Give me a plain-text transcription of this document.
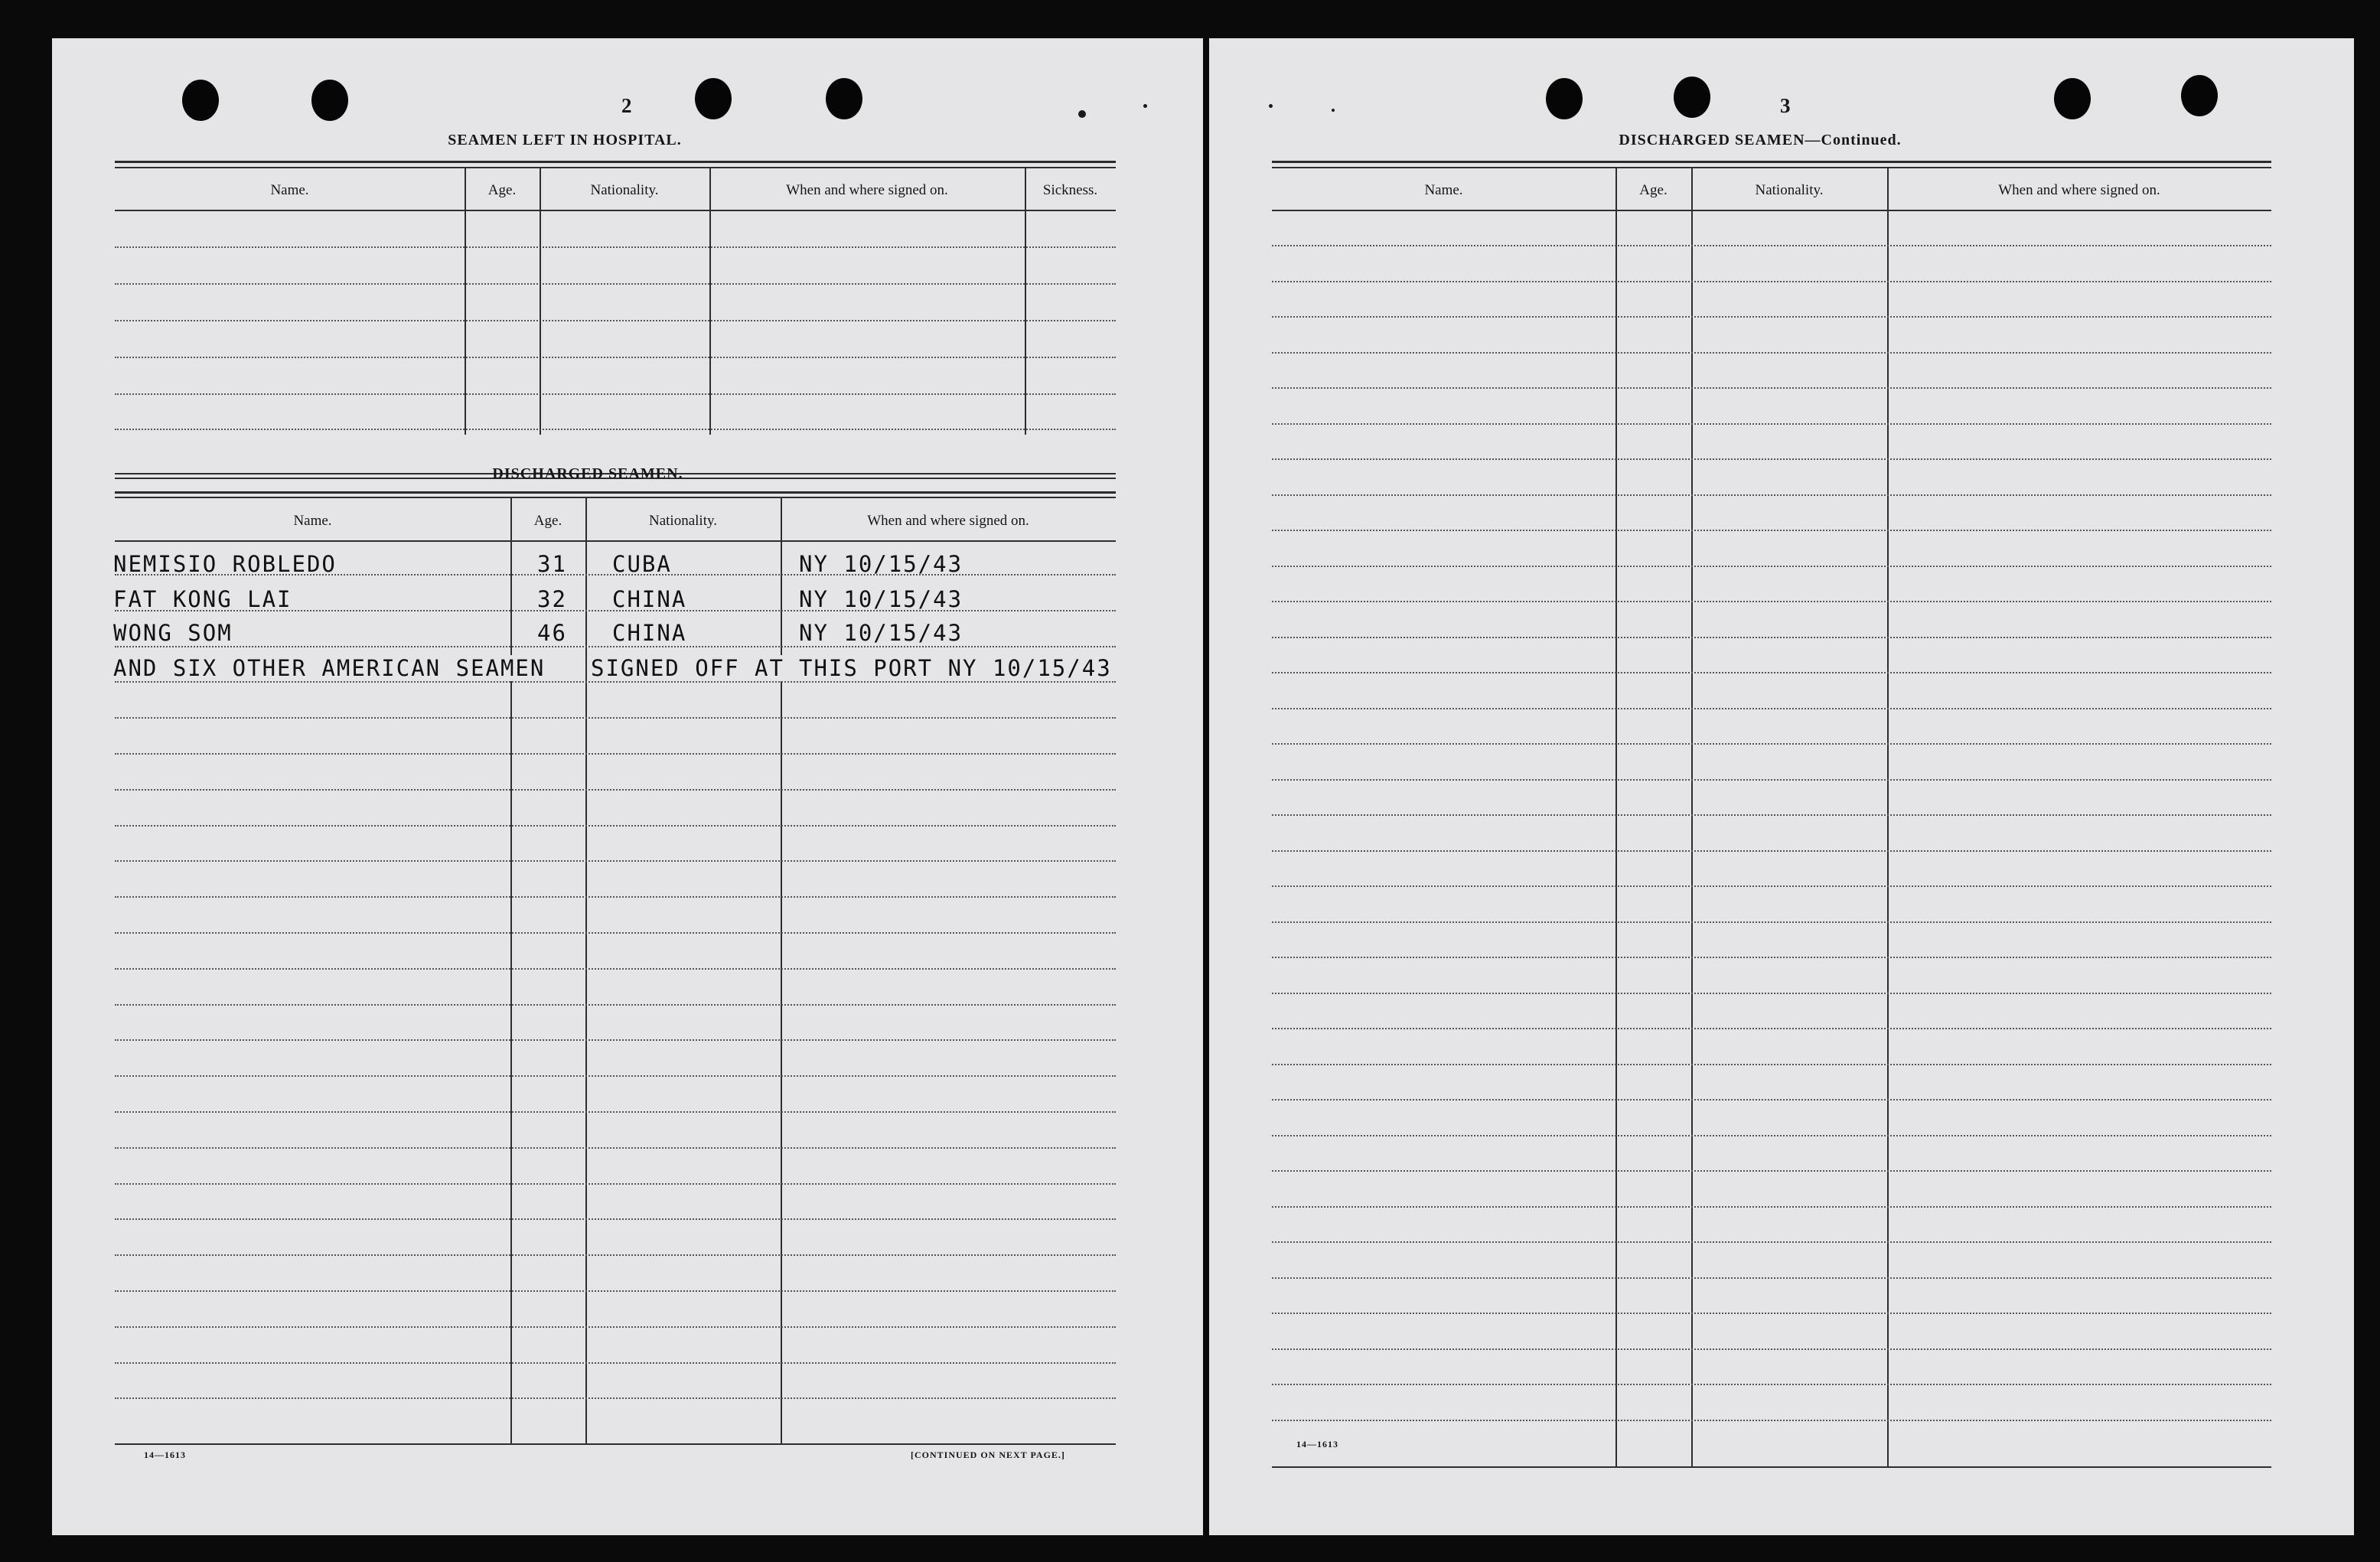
2
SEAMEN LEFT IN HOSPITAL.
Name.	Age.	Nationality.	When and where signed on.	Sickness.
DISCHARGED SEAMEN.
Name.	Age.	Nationality.	When and where signed on.
NEMISIO ROBLEDO	31 CUBA	NY 10/15/43
FAT KONG LAI	32 CHINA	NY 10/15/43
WONG SOM	46 CHINA	NY 10/15/43
AND SIX OTHER AMERICAN SEAMEN SIGNED OFF AT THIS PORT NY 10/15/43
14—1613	[CONTINUED ON NEXT PAGE.]
3
DISCHARGED SEAMEN—Continued.
Name.	Age.	Nationality.	When and where signed on.
14—1613
